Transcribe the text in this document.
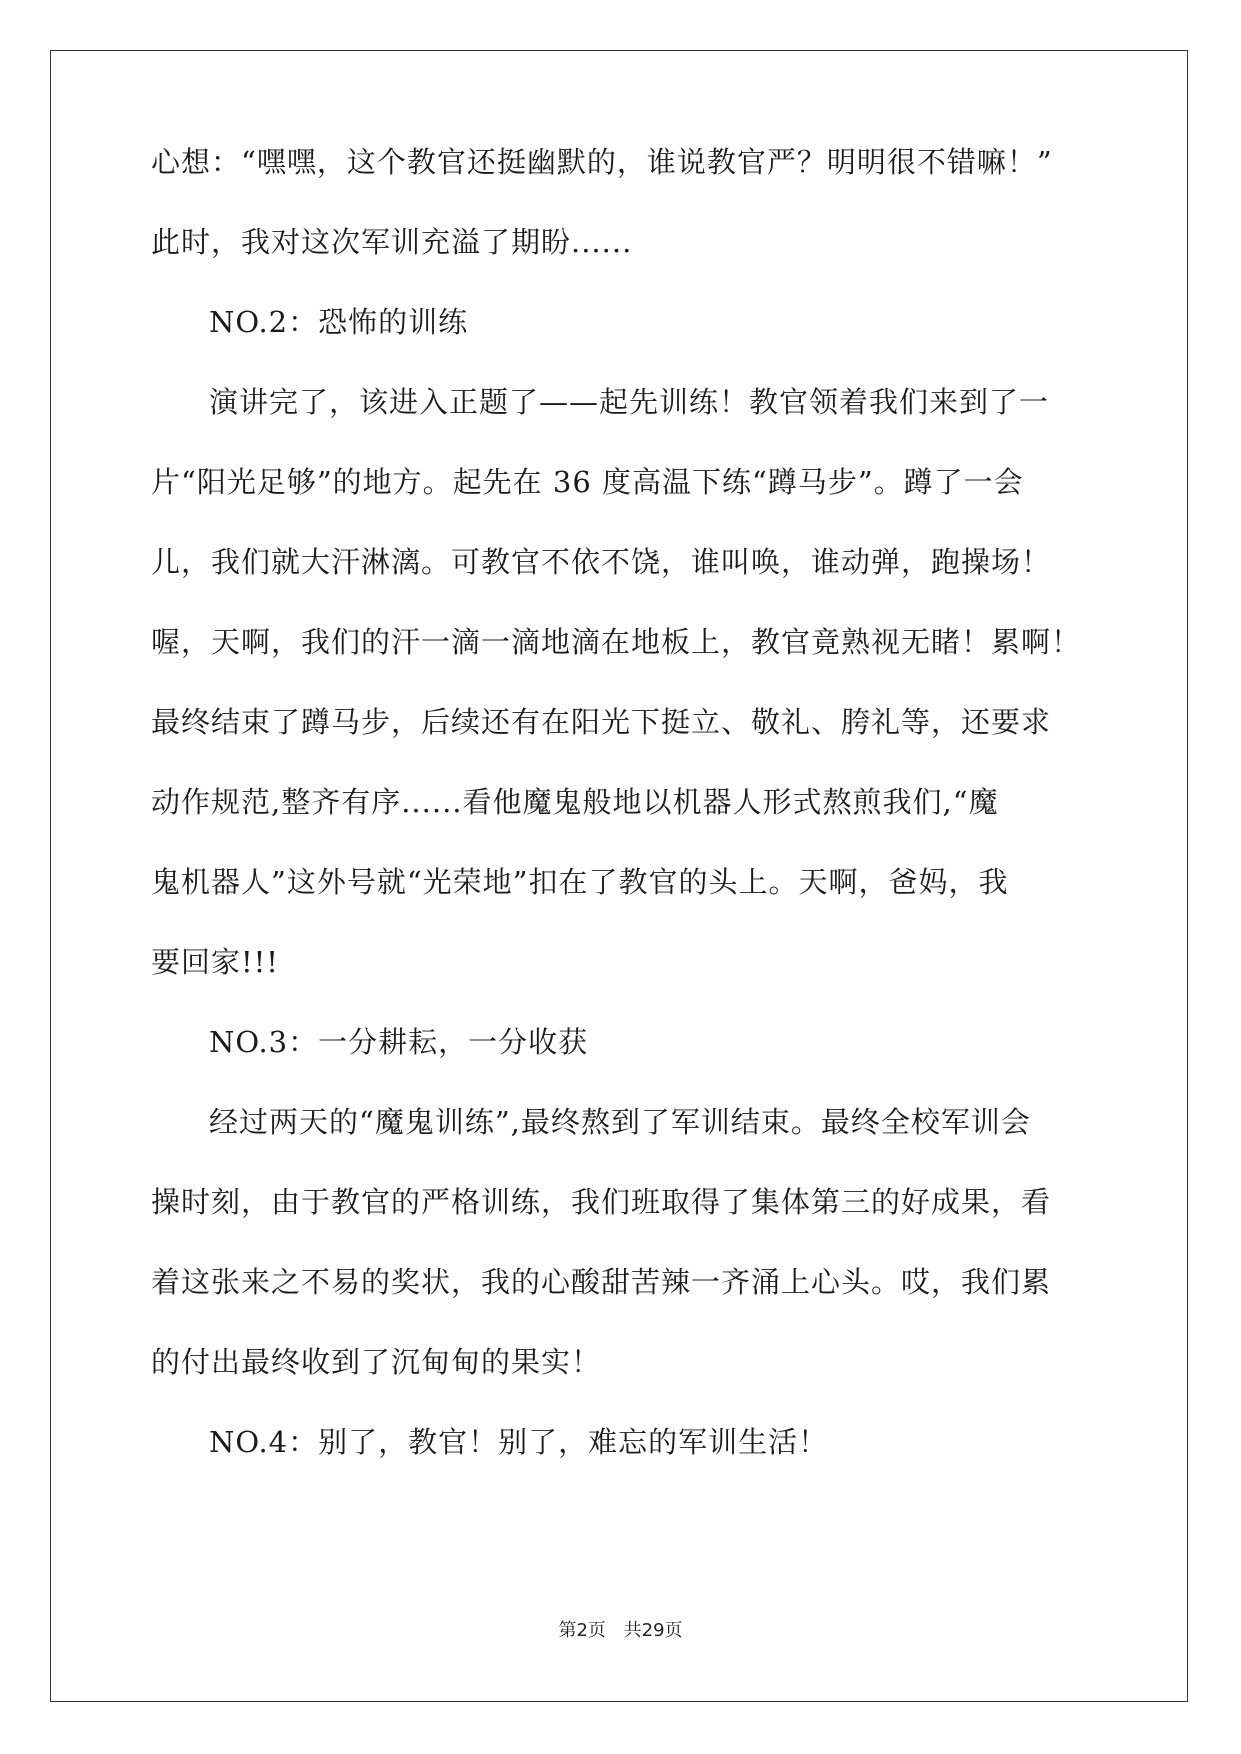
心想：“嘿嘿，这个教官还挺幽默的，谁说教官严？明明很不错嘛！”
此时，我对这次军训充溢了期盼......
NO.2：恐怖的训练
演讲完了，该进入正题了——起先训练！教官领着我们来到了一
片“阳光足够”的地方。起先在 36 度高温下练“蹲马步”。蹲了一会
儿，我们就大汗淋漓。可教官不依不饶，谁叫唤，谁动弹，跑操场！
喔，天啊，我们的汗一滴一滴地滴在地板上，教官竟熟视无睹！累啊！
最终结束了蹲马步，后续还有在阳光下挺立、敬礼、胯礼等，还要求
动作规范,整齐有序......看他魔鬼般地以机器人形式熬煎我们,“魔
鬼机器人”这外号就“光荣地”扣在了教官的头上。天啊，爸妈，我
要回家!!!
NO.3：一分耕耘，一分收获
经过两天的“魔鬼训练”,最终熬到了军训结束。最终全校军训会
操时刻，由于教官的严格训练，我们班取得了集体第三的好成果，看
着这张来之不易的奖状，我的心酸甜苦辣一齐涌上心头。哎，我们累
的付出最终收到了沉甸甸的果实！
NO.4：别了，教官！别了，难忘的军训生活！
第2页 共29页
